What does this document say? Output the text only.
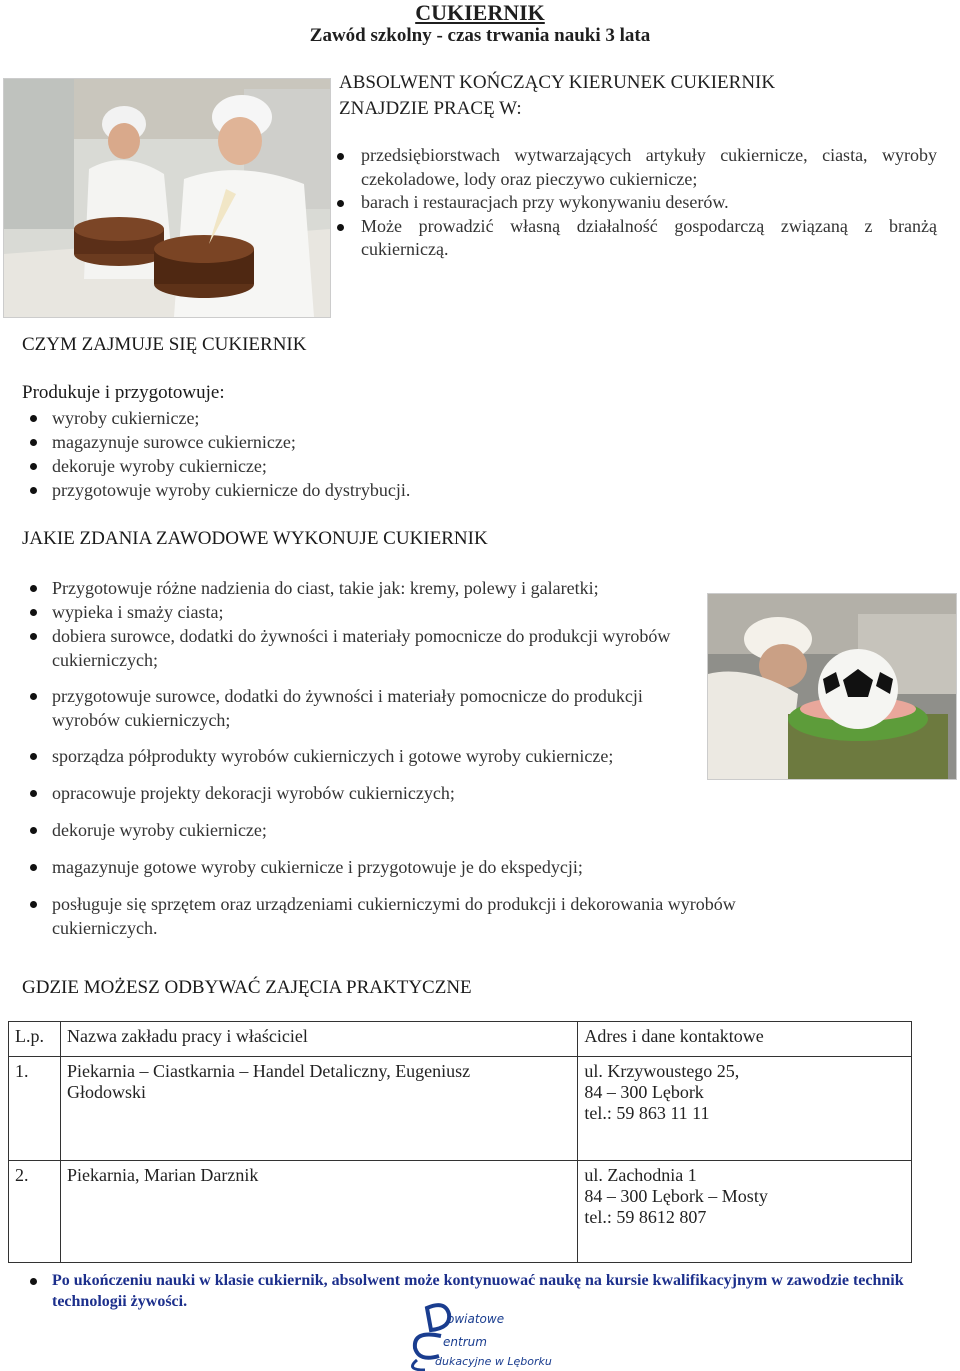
CUKIERNIK
Zawód szkolny - czas trwania nauki 3 lata
ABSOLWENT KOŃCZĄCY KIERUNEK CUKIERNIK
ZNAJDZIE PRACĘ W:
przedsiębiorstwach wytwarzających artykuły cukiernicze, ciasta, wyroby czekoladowe, lody oraz pieczywo cukiernicze;
barach i restauracjach przy wykonywaniu deserów.
Może prowadzić własną działalność gospodarczą związaną z branżą cukierniczą.
CZYM ZAJMUJE SIĘ CUKIERNIK
Produkuje i przygotowuje:
wyroby cukiernicze;
magazynuje surowce cukiernicze;
dekoruje wyroby cukiernicze;
przygotowuje wyroby cukiernicze do dystrybucji.
JAKIE ZDANIA ZAWODOWE WYKONUJE CUKIERNIK
Przygotowuje różne nadzienia do ciast, takie jak: kremy, polewy i galaretki;
wypieka i smaży ciasta;
dobiera surowce, dodatki do żywności i materiały pomocnicze do produkcji wyrobów cukierniczych;
przygotowuje surowce, dodatki do żywności i materiały pomocnicze do produkcji wyrobów cukierniczych;
sporządza półprodukty wyrobów cukierniczych i gotowe wyroby cukiernicze;
opracowuje projekty dekoracji wyrobów cukierniczych;
dekoruje wyroby cukiernicze;
magazynuje gotowe wyroby cukiernicze i przygotowuje je do ekspedycji;
posługuje się sprzętem oraz urządzeniami cukierniczymi do produkcji i dekorowania wyrobów cukierniczych.
GDZIE MOŻESZ ODBYWAĆ ZAJĘCIA PRAKTYCZNE
L.p.	Nazwa zakładu pracy i właściciel	Adres i dane kontaktowe
1.	Piekarnia – Ciastkarnia – Handel Detaliczny, Eugeniusz Głodowski	ul. Krzywoustego 25,
84 – 300 Lębork
tel.: 59 863 11 11

2.	Piekarnia, Marian Darznik	ul. Zachodnia 1
84 – 300 Lębork – Mosty
tel.: 59 8612 807
Po ukończeniu nauki w klasie cukiernik, absolwent może kontynuować naukę na kursie kwalifikacyjnym w zawodzie technik technologii żywości.
owiatowe
entrum
dukacyjne w Lęborku
